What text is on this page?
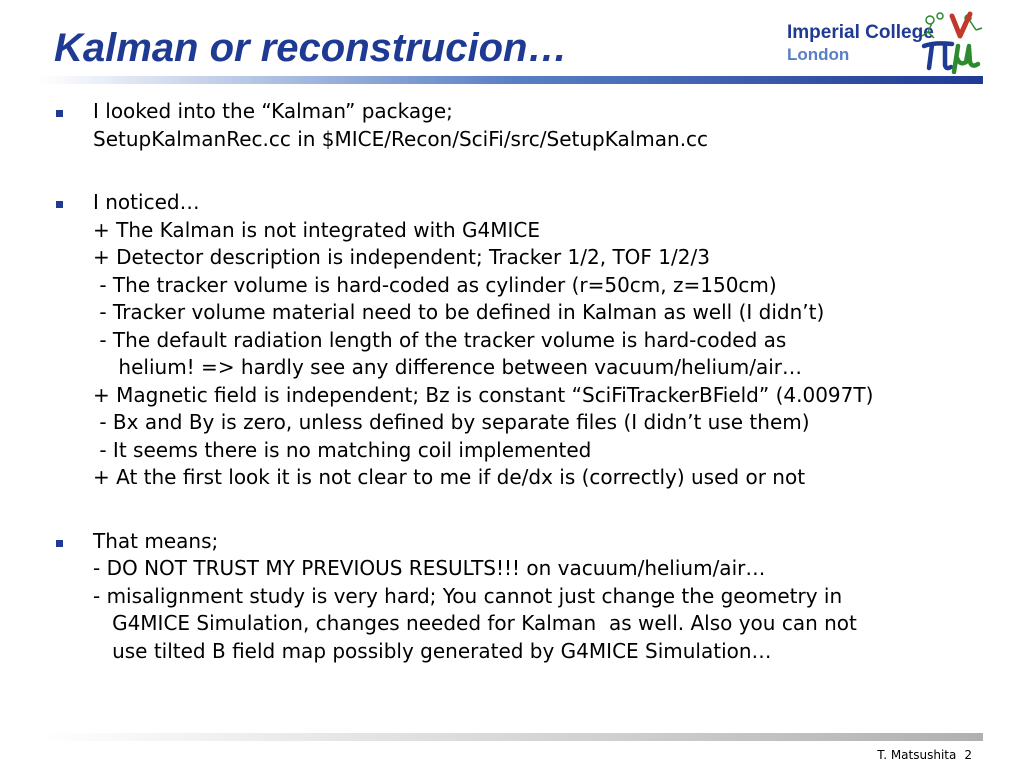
Kalman or reconstrucion…	Imperial College
London
I looked into the “Kalman” package;
SetupKalmanRec.cc in $MICE/Recon/SciFi/src/SetupKalman.cc
I noticed…
+ The Kalman is not integrated with G4MICE
+ Detector description is independent; Tracker 1/2, TOF 1/2/3
- The tracker volume is hard-coded as cylinder (r=50cm, z=150cm)
- Tracker volume material need to be defined in Kalman as well (I didn’t)
- The default radiation length of the tracker volume is hard-coded as
helium! => hardly see any difference between vacuum/helium/air…
+ Magnetic field is independent; Bz is constant “SciFiTrackerBField” (4.0097T)
- Bx and By is zero, unless defined by separate files (I didn’t use them)
- It seems there is no matching coil implemented
+ At the first look it is not clear to me if de/dx is (correctly) used or not
That means;
- DO NOT TRUST MY PREVIOUS RESULTS!!! on vacuum/helium/air…
- misalignment study is very hard; You cannot just change the geometry in
G4MICE Simulation, changes needed for Kalman  as well. Also you can not
use tilted B field map possibly generated by G4MICE Simulation…
T. Matsushita 2
